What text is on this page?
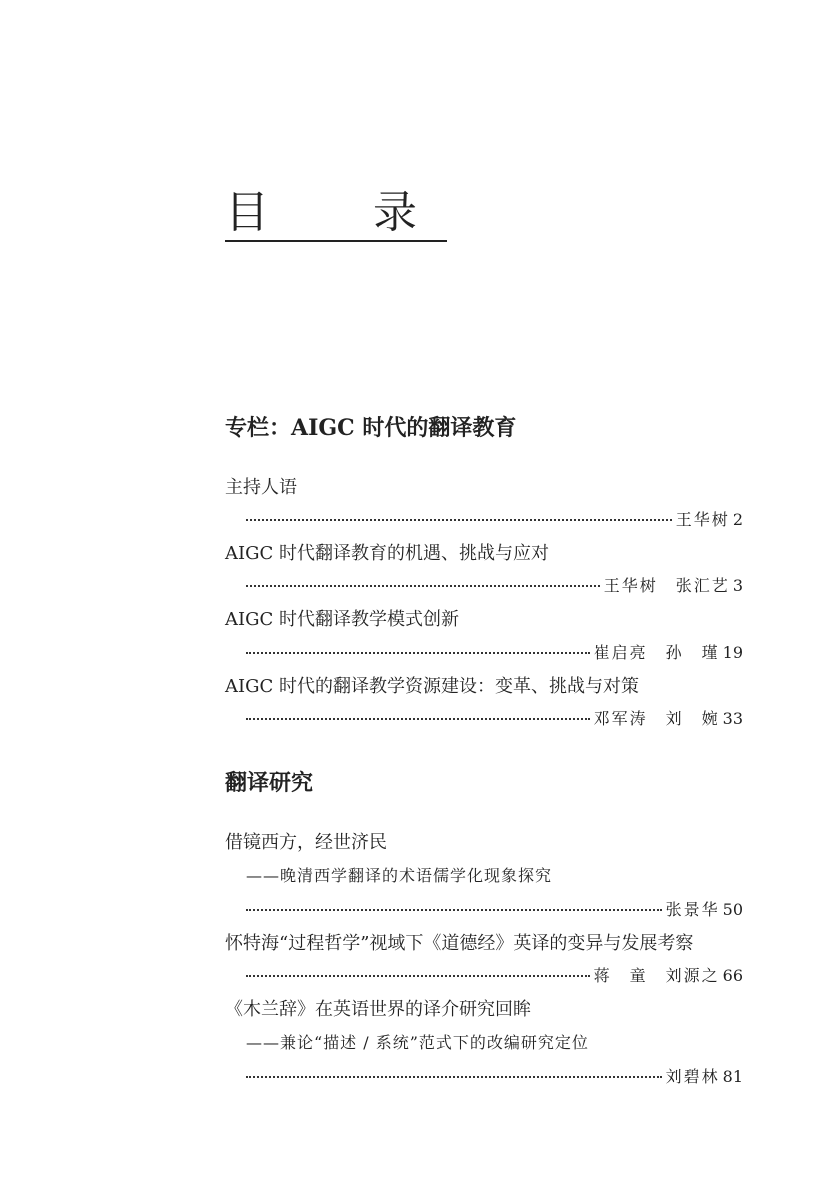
目　录
专栏：AIGC 时代的翻译教育
主持人语
王华树 2
AIGC 时代翻译教育的机遇、挑战与应对
王华树　张汇艺 3
AIGC 时代翻译教学模式创新
崔启亮　孙　瑾 19
AIGC 时代的翻译教学资源建设：变革、挑战与对策
邓军涛　刘　婉 33
翻译研究
借镜西方，经世济民
——晚清西学翻译的术语儒学化现象探究
张景华 50
怀特海“过程哲学”视域下《道德经》英译的变异与发展考察
蒋　童　刘源之 66
《木兰辞》在英语世界的译介研究回眸
——兼论“描述 / 系统”范式下的改编研究定位
刘碧林 81
